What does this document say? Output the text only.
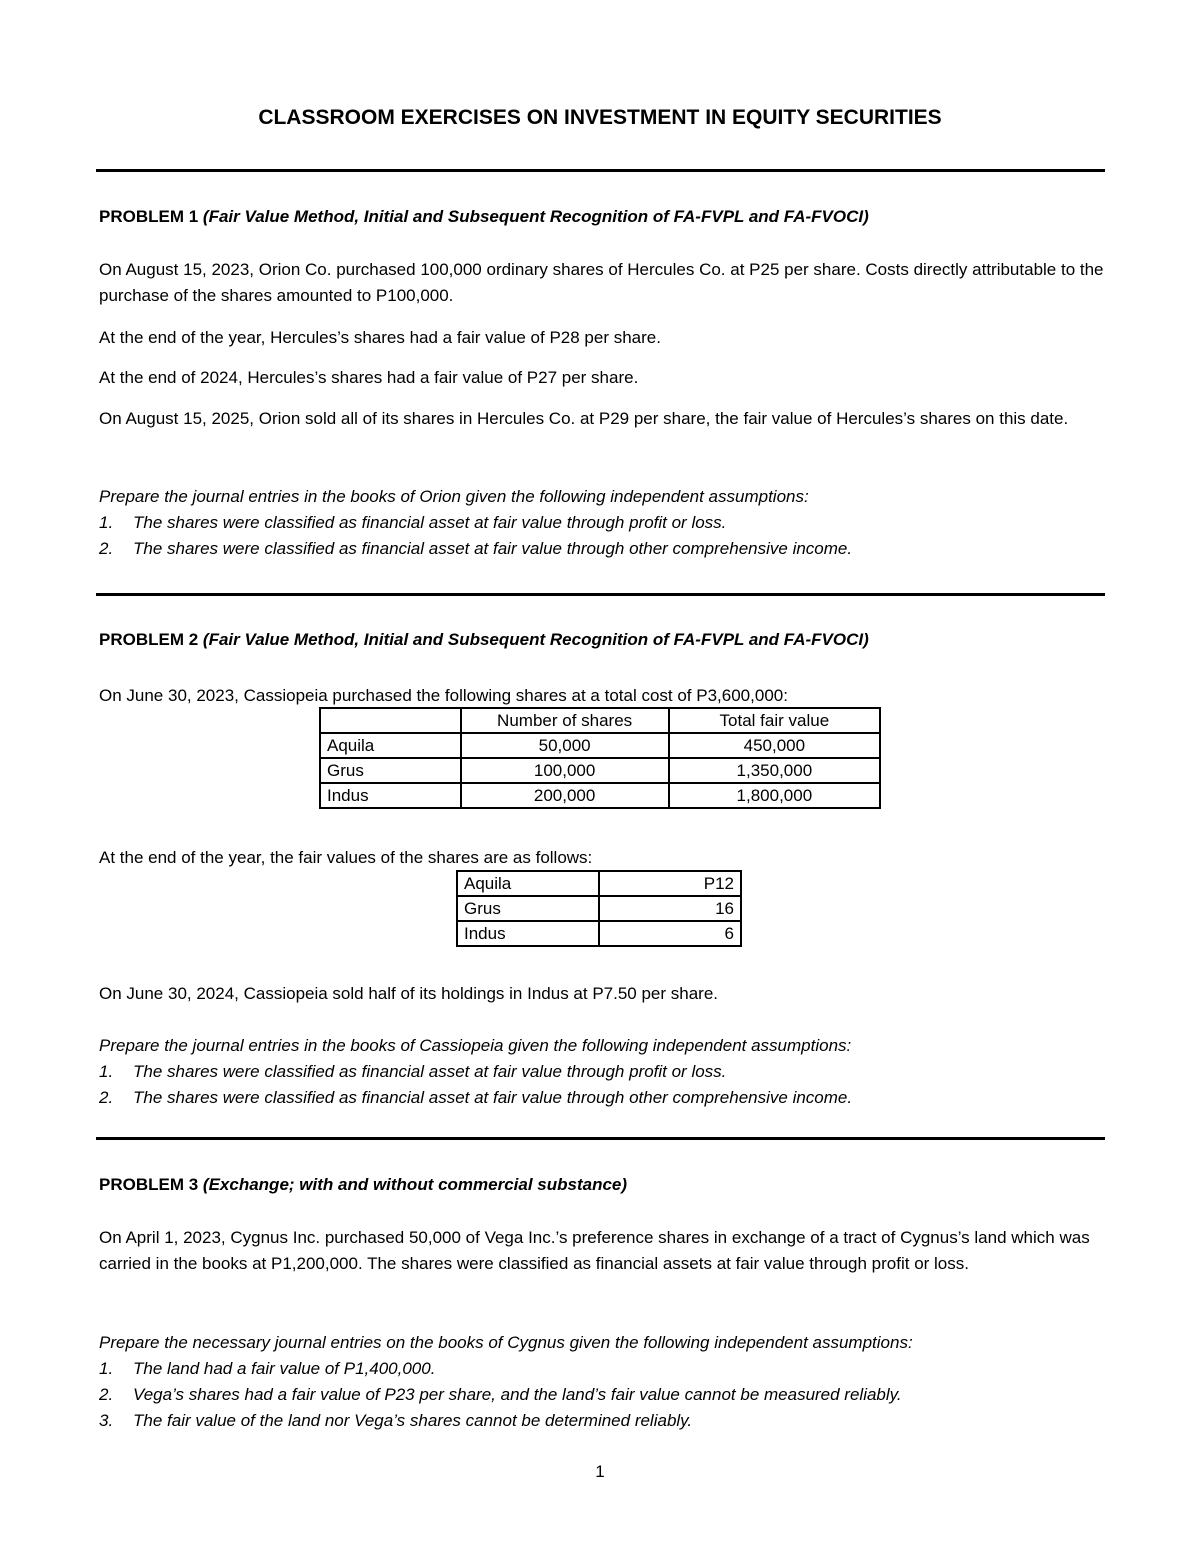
CLASSROOM EXERCISES ON INVESTMENT IN EQUITY SECURITIES
PROBLEM 1 (Fair Value Method, Initial and Subsequent Recognition of FA-FVPL and FA-FVOCI)
On August 15, 2023, Orion Co. purchased 100,000 ordinary shares of Hercules Co. at P25 per share. Costs directly attributable to the purchase of the shares amounted to P100,000.
At the end of the year, Hercules’s shares had a fair value of P28 per share.
At the end of 2024, Hercules’s shares had a fair value of P27 per share.
On August 15, 2025, Orion sold all of its shares in Hercules Co. at P29 per share, the fair value of Hercules’s shares on this date.
Prepare the journal entries in the books of Orion given the following independent assumptions:
1. The shares were classified as financial asset at fair value through profit or loss.
2. The shares were classified as financial asset at fair value through other comprehensive income.
PROBLEM 2 (Fair Value Method, Initial and Subsequent Recognition of FA-FVPL and FA-FVOCI)
On June 30, 2023, Cassiopeia purchased the following shares at a total cost of P3,600,000:
	Number of shares	Total fair value
Aquila	50,000	450,000
Grus	100,000	1,350,000
Indus	200,000	1,800,000
At the end of the year, the fair values of the shares are as follows:
Aquila	P12
Grus	16
Indus	6
On June 30, 2024, Cassiopeia sold half of its holdings in Indus at P7.50 per share.
Prepare the journal entries in the books of Cassiopeia given the following independent assumptions:
1. The shares were classified as financial asset at fair value through profit or loss.
2. The shares were classified as financial asset at fair value through other comprehensive income.
PROBLEM 3 (Exchange; with and without commercial substance)
On April 1, 2023, Cygnus Inc. purchased 50,000 of Vega Inc.’s preference shares in exchange of a tract of Cygnus’s land which was carried in the books at P1,200,000. The shares were classified as financial assets at fair value through profit or loss.
Prepare the necessary journal entries on the books of Cygnus given the following independent assumptions:
1. The land had a fair value of P1,400,000.
2. Vega’s shares had a fair value of P23 per share, and the land’s fair value cannot be measured reliably.
3. The fair value of the land nor Vega’s shares cannot be determined reliably.
1
